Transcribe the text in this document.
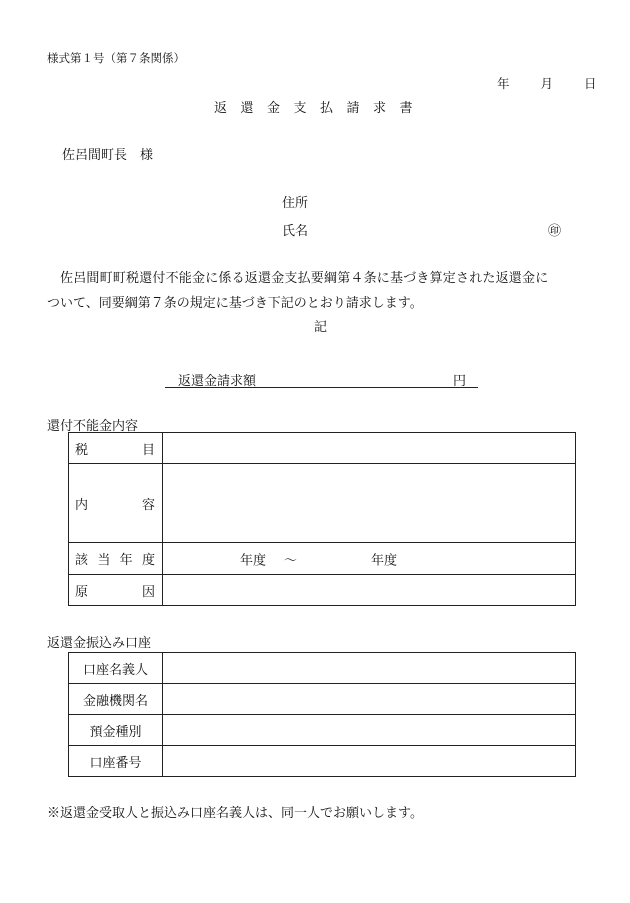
様式第１号（第７条関係）
年 月 日
返還金支払請求書
佐呂間町長　様
住所
氏名	㊞
佐呂間町町税還付不能金に係る返還金支払要綱第４条に基づき算定された返還金に
ついて、同要綱第７条の規定に基づき下記のとおり請求します。
記
返還金請求額	円
還付不能金内容
税 目	

内 容	

該 当 年 度	年度 ～ 年度

原 因	

返還金振込み口座
口座名義人	
金融機関名	
預金種別	
口座番号	
※返還金受取人と振込み口座名義人は、同一人でお願いします。
